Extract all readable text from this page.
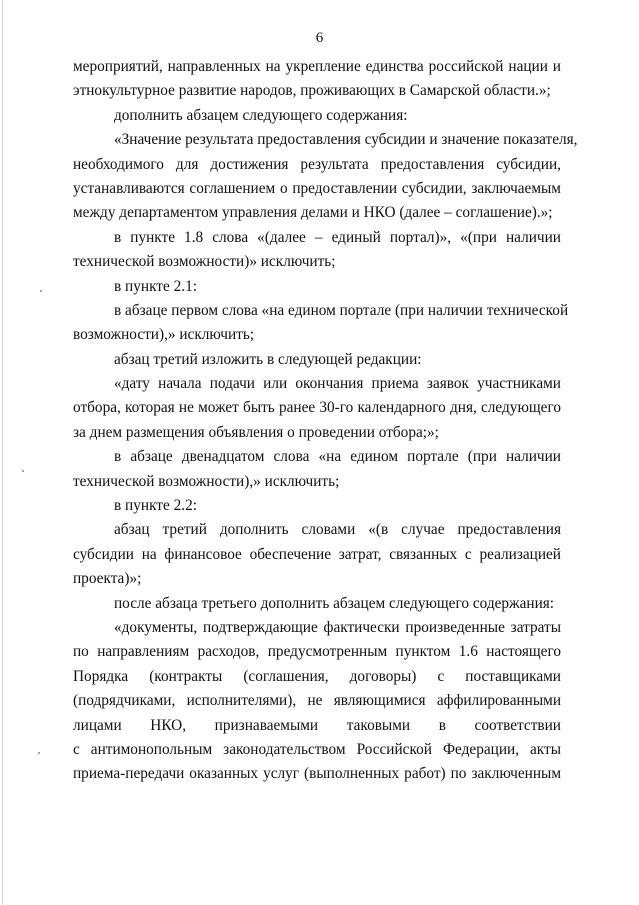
6
мероприятий, направленных на укрепление единства российской нации и
этнокультурное развитие народов, проживающих в Самарской области.»;
дополнить абзацем следующего содержания:
«Значение результата предоставления субсидии и значение показателя,
необходимого для достижения результата предоставления субсидии,
устанавливаются соглашением о предоставлении субсидии, заключаемым
между департаментом управления делами и НКО (далее – соглашение).»;
в пункте 1.8 слова «(далее – единый портал)», «(при наличии
технической возможности)» исключить;
в пункте 2.1:
в абзаце первом слова «на едином портале (при наличии технической
возможности),» исключить;
абзац третий изложить в следующей редакции:
«дату начала подачи или окончания приема заявок участниками
отбора, которая не может быть ранее 30-го календарного дня, следующего
за днем размещения объявления о проведении отбора;»;
в абзаце двенадцатом слова «на едином портале (при наличии
технической возможности),» исключить;
в пункте 2.2:
абзац третий дополнить словами «(в случае предоставления
субсидии на финансовое обеспечение затрат, связанных с реализацией
проекта)»;
после абзаца третьего дополнить абзацем следующего содержания:
«документы, подтверждающие фактически произведенные затраты
по направлениям расходов, предусмотренным пунктом 1.6 настоящего
Порядка (контракты (соглашения, договоры) с поставщиками
(подрядчиками, исполнителями), не являющимися аффилированными
лицами НКО, признаваемыми таковыми в соответствии
с антимонопольным законодательством Российской Федерации, акты
приема-передачи оказанных услуг (выполненных работ) по заключенным
